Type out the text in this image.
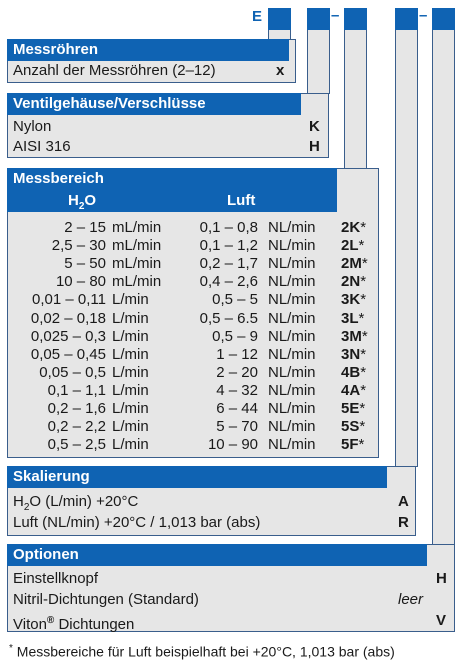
E	–	–
Messröhren
Anzahl der Messröhren (2–12)	x
Ventilgehäuse/Verschlüsse
Nylon	K
AISI 316	H
Messbereich
$H_2O$	Luft
2 – 15 mL/min	0,1 – 0,8 NL/min 2K*
2,5 – 30 mL/min	0,1 – 1,2 NL/min 2L*
5 – 50 mL/min	0,2 – 1,7 NL/min 2M*
10 – 80 mL/min	0,4 – 2,6 NL/min 2N*
0,01 – 0,11 L/min	0,5 – 5 NL/min 3K*
0,02 – 0,18 L/min	0,5 – 6.5 NL/min 3L*
0,025 – 0,3 L/min	0,5 – 9 NL/min 3M*
0,05 – 0,45 L/min	1 – 12 NL/min 3N*
0,05 – 0,5 L/min	2 – 20 NL/min 4B*
0,1 – 1,1 L/min	4 – 32 NL/min 4A*
0,2 – 1,6 L/min	6 – 44 NL/min 5E*
0,2 – 2,2 L/min	5 – 70 NL/min 5S*
0,5 – 2,5 L/min	10 – 90 NL/min 5F*
Skalierung
$H_2O$ (L/min) +20°C	A
Luft (NL/min) +20°C / 1,013 bar (abs)	R
Optionen
Einstellknopf	H
Nitril-Dichtungen (Standard)	leer
Viton® Dichtungen	V
* Messbereiche für Luft beispielhaft bei +20°C, 1,013 bar (abs)
